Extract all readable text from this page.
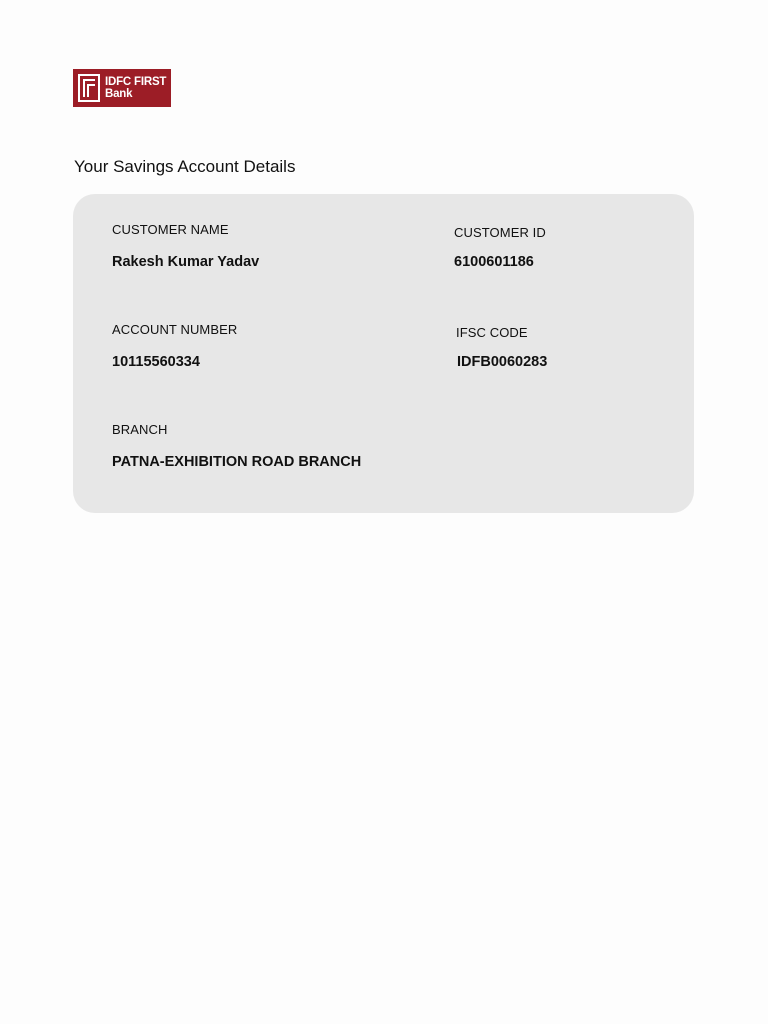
IDFC FIRST
Bank
Your Savings Account Details
CUSTOMER NAME
Rakesh Kumar Yadav
CUSTOMER ID
6100601186
ACCOUNT NUMBER
10115560334
IFSC CODE
IDFB0060283
BRANCH
PATNA-EXHIBITION ROAD BRANCH
